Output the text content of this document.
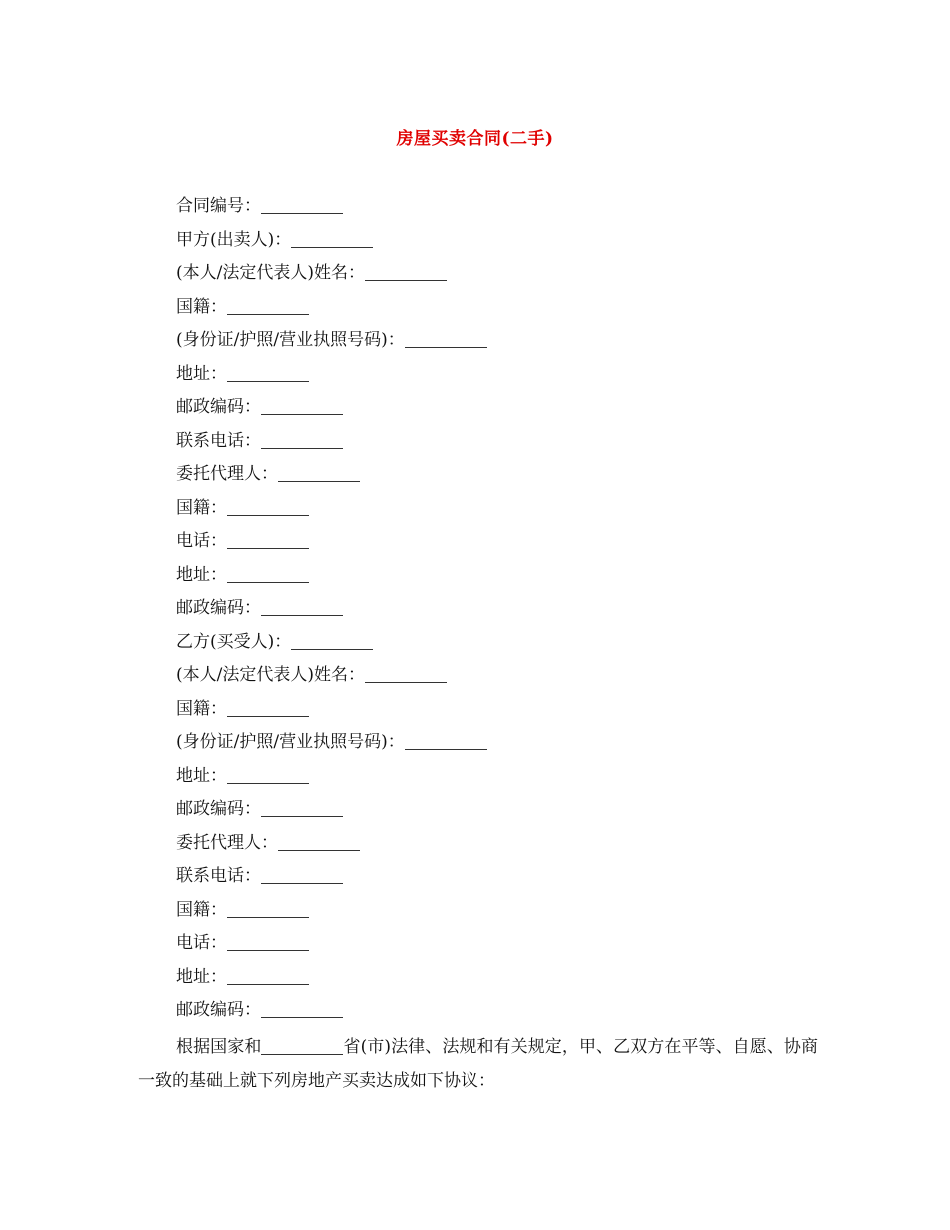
房屋买卖合同(二手)
合同编号：
甲方(出卖人)：
(本人/法定代表人)姓名：
国籍：
(身份证/护照/营业执照号码)：
地址：
邮政编码：
联系电话：
委托代理人：
国籍：
电话：
地址：
邮政编码：
乙方(买受人)：
(本人/法定代表人)姓名：
国籍：
(身份证/护照/营业执照号码)：
地址：
邮政编码：
委托代理人：
联系电话：
国籍：
电话：
地址：
邮政编码：

根据国家和	省(市)法律、法规和有关规定，甲、乙双方在平等、自愿、协商一致的基础上就下列房地产买卖达成如下协议：
